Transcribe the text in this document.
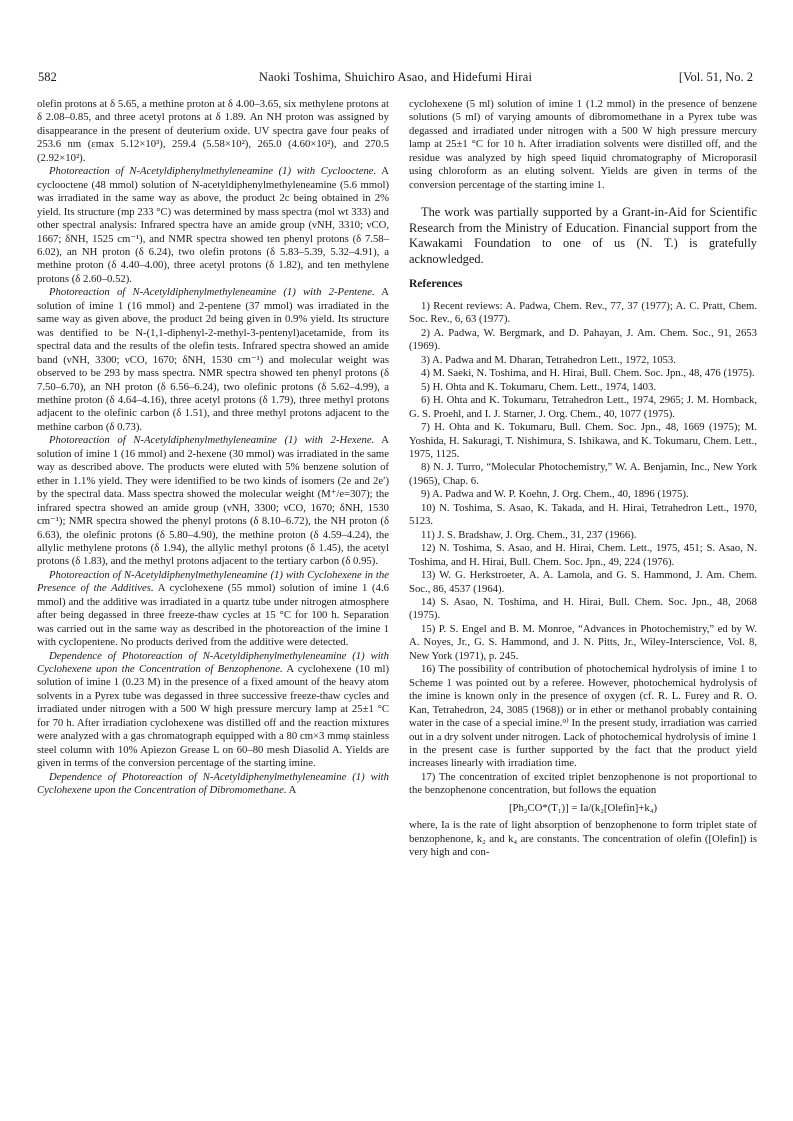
582	Naoki Toshima, Shuichiro Asao, and Hidefumi Hirai	[Vol. 51, No. 2

olefin protons at δ 5.65, a methine proton at δ 4.00–3.65, six methylene protons at δ 2.08–0.85, and three acetyl protons at δ 1.89. An NH proton was assigned by disappearance in the present of deuterium oxide. UV spectra gave four peaks of 253.6 nm (εmax 5.12×10³), 259.4 (5.58×10²), 265.0 (4.60×10²), and 270.5 (2.92×10²).

Photoreaction of N-Acetyldiphenylmethyleneamine (1) with Cyclooctene. A cyclooctene (48 mmol) solution of N-acetyldiphenylmethyleneamine (5.6 mmol) was irradiated in the same way as above, the product 2c being obtained in 2% yield. Its structure (mp 233 °C) was determined by mass spectra (mol wt 333) and other spectral analysis: Infrared spectra have an amide group (νNH, 3310; νCO, 1667; δNH, 1525 cm⁻¹), and NMR spectra showed ten phenyl protons (δ 7.58–6.02), an NH proton (δ 6.24), two olefin protons (δ 5.83–5.39, 5.32–4.91), a methine proton (δ 4.40–4.00), three acetyl protons (δ 1.82), and ten methylene protons (δ 2.60–0.52).

Photoreaction of N-Acetyldiphenylmethyleneamine (1) with 2-Pentene. A solution of imine 1 (16 mmol) and 2-pentene (37 mmol) was irradiated in the same way as given above, the product 2d being given in 0.9% yield. Its structure was dentified to be N-(1,1-diphenyl-2-methyl-3-pentenyl)acetamide, from its spectral data and the results of the olefin tests. Infrared spectra showed an amide band (νNH, 3300; νCO, 1670; δNH, 1530 cm⁻¹) and molecular weight was observed to be 293 by mass spectra. NMR spectra showed ten phenyl protons (δ 7.50–6.70), an NH proton (δ 6.56–6.24), two olefinic protons (δ 5.62–4.99), a methine proton (δ 4.64–4.16), three acetyl protons (δ 1.79), three methyl protons adjacent to the olefinic carbon (δ 1.51), and three methyl protons adjacent to the methine carbon (δ 0.73).

Photoreaction of N-Acetyldiphenylmethyleneamine (1) with 2-Hexene. A solution of imine 1 (16 mmol) and 2-hexene (30 mmol) was irradiated in the same way as described above. The products were eluted with 5% benzene solution of ether in 1.1% yield. They were identified to be two kinds of isomers (2e and 2e′) by the spectral data. Mass spectra showed the molecular weight (M⁺/e=307); the infrared spectra showed an amide group (νNH, 3300; νCO, 1670; δNH, 1530 cm⁻¹); NMR spectra showed the phenyl protons (δ 8.10–6.72), the NH proton (δ 6.63), the olefinic protons (δ 5.80–4.90), the methine proton (δ 4.59–4.24), the allylic methylene protons (δ 1.94), the allylic methyl protons (δ 1.45), the acetyl protons (δ 1.83), and the methyl protons adjacent to the tertiary carbon (δ 0.95).

Photoreaction of N-Acetyldiphenylmethyleneamine (1) with Cyclohexene in the Presence of the Additives. A cyclohexene (55 mmol) solution of imine 1 (4.6 mmol) and the additive was irradiated in a quartz tube under nitrogen atmosphere after being degassed in three freeze-thaw cycles at 15 °C for 100 h. Separation was carried out in the same way as described in the photoreaction of the imine 1 with cyclopentene. No products derived from the additive were detected.

Dependence of Photoreaction of N-Acetyldiphenylmethyleneamine (1) with Cyclohexene upon the Concentration of Benzophenone. A cyclohexene (10 ml) solution of imine 1 (0.23 M) in the presence of a fixed amount of the heavy atom solvents in a Pyrex tube was degassed in three successive freeze-thaw cycles and irradiated under nitrogen with a 500 W high pressure mercury lamp at 25±1 °C for 70 h. After irradiation cyclohexene was distilled off and the reaction mixtures were analyzed with a gas chromatograph equipped with a 80 cm×3 mmφ stainless steel column with 10% Apiezon Grease L on 60–80 mesh Diasolid A. Yields are given in terms of the conversion percentage of the starting imine.

Dependence of Photoreaction of N-Acetyldiphenylmethyleneamine (1) with Cyclohexene upon the Concentration of Dibromomethane. A

cyclohexene (5 ml) solution of imine 1 (1.2 mmol) in the presence of benzene solutions (5 ml) of varying amounts of dibromomethane in a Pyrex tube was degassed and irradiated under nitrogen with a 500 W high pressure mercury lamp at 25±1 °C for 10 h. After irradiation solvents were distilled off, and the residue was analyzed by high speed liquid chromatography of Microporasil using chloroform as an eluting solvent. Yields are given in terms of the conversion percentage of the starting imine 1.

The work was partially supported by a Grant-in-Aid for Scientific Research from the Ministry of Education. Financial support from the Kawakami Foundation to one of us (N. T.) is gratefully acknowledged.

References

1) Recent reviews: A. Padwa, Chem. Rev., 77, 37 (1977); A. C. Pratt, Chem. Soc. Rev., 6, 63 (1977).

2) A. Padwa, W. Bergmark, and D. Pahayan, J. Am. Chem. Soc., 91, 2653 (1969).

3) A. Padwa and M. Dharan, Tetrahedron Lett., 1972, 1053.

4) M. Saeki, N. Toshima, and H. Hirai, Bull. Chem. Soc. Jpn., 48, 476 (1975).

5) H. Ohta and K. Tokumaru, Chem. Lett., 1974, 1403.

6) H. Ohta and K. Tokumaru, Tetrahedron Lett., 1974, 2965; J. M. Hornback, G. S. Proehl, and I. J. Starner, J. Org. Chem., 40, 1077 (1975).

7) H. Ohta and K. Tokumaru, Bull. Chem. Soc. Jpn., 48, 1669 (1975); M. Yoshida, H. Sakuragi, T. Nishimura, S. Ishikawa, and K. Tokumaru, Chem. Lett., 1975, 1125.

8) N. J. Turro, “Molecular Photochemistry,” W. A. Benjamin, Inc., New York (1965), Chap. 6.

9) A. Padwa and W. P. Koehn, J. Org. Chem., 40, 1896 (1975).

10) N. Toshima, S. Asao, K. Takada, and H. Hirai, Tetrahedron Lett., 1970, 5123.

11) J. S. Bradshaw, J. Org. Chem., 31, 237 (1966).

12) N. Toshima, S. Asao, and H. Hirai, Chem. Lett., 1975, 451; S. Asao, N. Toshima, and H. Hirai, Bull. Chem. Soc. Jpn., 49, 224 (1976).

13) W. G. Herkstroeter, A. A. Lamola, and G. S. Hammond, J. Am. Chem. Soc., 86, 4537 (1964).

14) S. Asao, N. Toshima, and H. Hirai, Bull. Chem. Soc. Jpn., 48, 2068 (1975).

15) P. S. Engel and B. M. Monroe, “Advances in Photochemistry,” ed by W. A. Noyes, Jr., G. S. Hammond, and J. N. Pitts, Jr., Wiley-Interscience, Vol. 8, New York (1971), p. 245.

16) The possibility of contribution of photochemical hydrolysis of imine 1 to Scheme 1 was pointed out by a referee. However, photochemical hydrolysis of the imine is known only in the presence of oxygen (cf. R. L. Furey and R. O. Kan, Tetrahedron, 24, 3085 (1968)) or in ether or methanol probably containing water in the case of a special imine.⁹⁾ In the present study, irradiation was carried out in a dry solvent under nitrogen. Lack of photochemical hydrolysis of imine 1 in the present case is further supported by the fact that the product yield increases linearly with irradiation time.

17) The concentration of excited triplet benzophenone is not proportional to the benzophenone concentration, but follows the equation

[Ph₂CO*(T₁)] = Ia/(k₂[Olefin]+k₄)

where, Ia is the rate of light absorption of benzophenone to form triplet state of benzophenone, k₂ and k₄ are constants. The concentration of olefin ([Olefin]) is very high and con-
